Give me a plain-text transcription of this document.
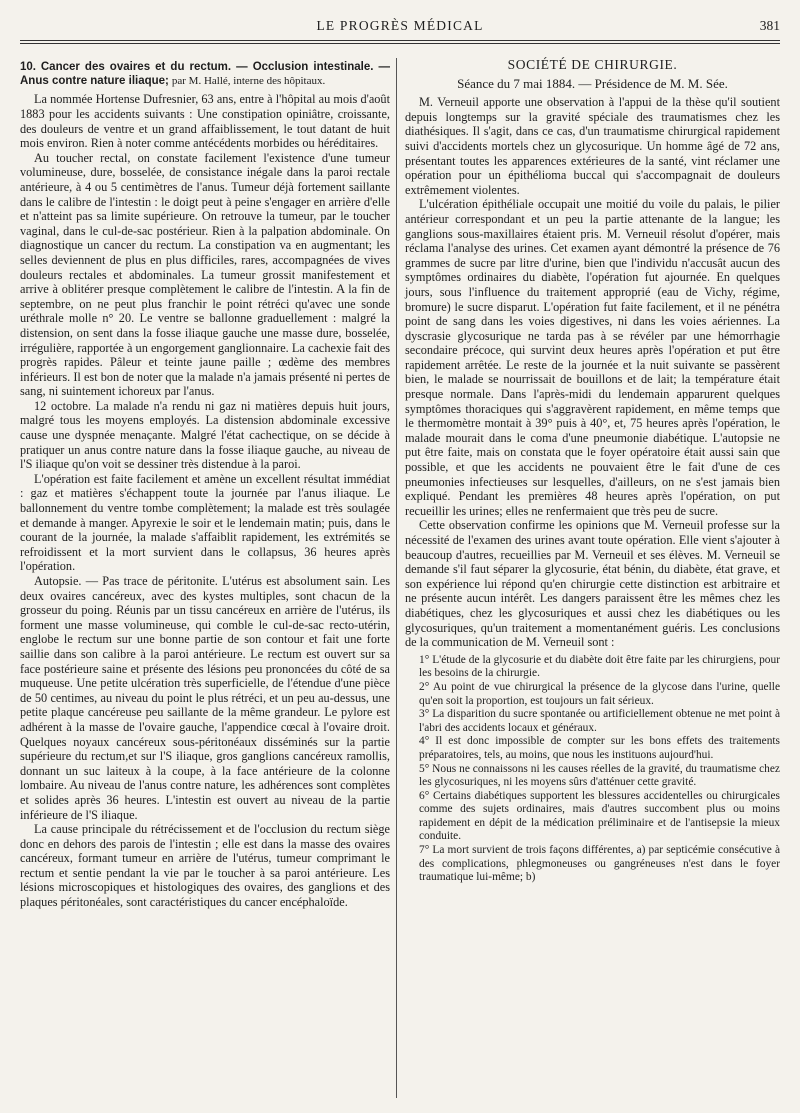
LE PROGRÈS MÉDICAL	381

10. Cancer des ovaires et du rectum. — Occlusion intestinale. — Anus contre nature iliaque; par M. Hallé, interne des hôpitaux.

La nommée Hortense Dufresnier, 63 ans, entre à l'hôpital au mois d'août 1883 pour les accidents suivants : Une constipation opiniâtre, croissante, des douleurs de ventre et un grand affaiblissement, le tout datant de huit mois environ. Rien à noter comme antécédents morbides ou héréditaires.

Au toucher rectal, on constate facilement l'existence d'une tumeur volumineuse, dure, bosselée, de consistance inégale dans la paroi rectale antérieure, à 4 ou 5 centimètres de l'anus. Tumeur déjà fortement saillante dans le calibre de l'intestin : le doigt peut à peine s'engager en arrière d'elle et n'atteint pas sa limite supérieure. On retrouve la tumeur, par le toucher vaginal, dans le cul-de-sac postérieur. Rien à la palpation abdominale. On diagnostique un cancer du rectum. La constipation va en augmentant; les selles deviennent de plus en plus difficiles, rares, accompagnées de vives douleurs rectales et abdominales. La tumeur grossit manifestement et arrive à oblitérer presque complètement le calibre de l'intestin. A la fin de septembre, on ne peut plus franchir le point rétréci qu'avec une sonde uréthrale molle n° 20. Le ventre se ballonne graduellement : malgré la distension, on sent dans la fosse iliaque gauche une masse dure, bosselée, irrégulière, rapportée à un engorgement ganglionnaire. La cachexie fait des progrès rapides. Pâleur et teinte jaune paille ; œdème des membres inférieurs. Il est bon de noter que la malade n'a jamais présenté ni pertes de sang, ni suintement ichoreux par l'anus.

12 octobre. La malade n'a rendu ni gaz ni matières depuis huit jours, malgré tous les moyens employés. La distension abdominale excessive cause une dyspnée menaçante. Malgré l'état cachectique, on se décide à pratiquer un anus contre nature dans la fosse iliaque gauche, au niveau de l'S iliaque qu'on voit se dessiner très distendue à la paroi.

L'opération est faite facilement et amène un excellent résultat immédiat : gaz et matières s'échappent toute la journée par l'anus iliaque. Le ballonnement du ventre tombe complètement; la malade est très soulagée et demande à manger. Apyrexie le soir et le lendemain matin; puis, dans le courant de la journée, la malade s'affaiblit rapidement, les extrémités se refroidissent et la mort survient dans le collapsus, 36 heures après l'opération.

Autopsie. — Pas trace de péritonite. L'utérus est absolument sain. Les deux ovaires cancéreux, avec des kystes multiples, sont chacun de la grosseur du poing. Réunis par un tissu cancéreux en arrière de l'utérus, ils forment une masse volumineuse, qui comble le cul-de-sac recto-utérin, englobe le rectum sur une bonne partie de son contour et fait une forte saillie dans son calibre à la paroi antérieure. Le rectum est ouvert sur sa face postérieure saine et présente des lésions peu prononcées du côté de sa muqueuse. Une petite ulcération très superficielle, de l'étendue d'une pièce de 50 centimes, au niveau du point le plus rétréci, et un peu au-dessus, une petite plaque cancéreuse peu saillante de la même grandeur. Le pylore est adhérent à la masse de l'ovaire gauche, l'appendice cœcal à l'ovaire droit. Quelques noyaux cancéreux sous-péritonéaux disséminés sur la partie supérieure du rectum,et sur l'S iliaque, gros ganglions cancéreux ramollis, donnant un suc laiteux à la coupe, à la face antérieure de la colonne lombaire. Au niveau de l'anus contre nature, les adhérences sont complètes et solides après 36 heures. L'intestin est ouvert au niveau de la partie inférieure de l'S iliaque.

La cause principale du rétrécissement et de l'occlusion du rectum siège donc en dehors des parois de l'intestin ; elle est dans la masse des ovaires cancéreux, formant tumeur en arrière de l'utérus, tumeur comprimant le rectum et sentie pendant la vie par le toucher à sa paroi antérieure. Les lésions microscopiques et histologiques des ovaires, des ganglions et des plaques péritonéales, sont caractéristiques du cancer encéphaloïde.

SOCIÉTÉ DE CHIRURGIE.

Séance du 7 mai 1884. — Présidence de M. M. Sée.

M. Verneuil apporte une observation à l'appui de la thèse qu'il soutient depuis longtemps sur la gravité spéciale des traumatismes chez les diathésiques. Il s'agit, dans ce cas, d'un traumatisme chirurgical rapidement suivi d'accidents mortels chez un glycosurique. Un homme âgé de 72 ans, présentant toutes les apparences extérieures de la santé, vint réclamer une opération pour un épithélioma buccal qui s'accompagnait de douleurs extrêmement violentes.

L'ulcération épithéliale occupait une moitié du voile du palais, le pilier antérieur correspondant et un peu la partie attenante de la langue; les ganglions sous-maxillaires étaient pris. M. Verneuil résolut d'opérer, mais réclama l'analyse des urines. Cet examen ayant démontré la présence de 76 grammes de sucre par litre d'urine, bien que l'individu n'accusât aucun des symptômes ordinaires du diabète, l'opération fut ajournée. En quelques jours, sous l'influence du traitement approprié (eau de Vichy, régime, bromure) le sucre disparut. L'opération fut faite facilement, et il ne pénétra point de sang dans les voies digestives, ni dans les voies aériennes. La dyscrasie glycosurique ne tarda pas à se révéler par une hémorrhagie secondaire précoce, qui survint deux heures après l'opération et put être rapidement arrêtée. Le reste de la journée et la nuit suivante se passèrent bien, le malade se nourrissait de bouillons et de lait; la température était presque normale. Dans l'après-midi du lendemain apparurent quelques symptômes thoraciques qui s'aggravèrent rapidement, en même temps que le thermomètre montait à 39° puis à 40°, et, 75 heures après l'opération, le malade mourait dans le coma d'une pneumonie diabétique. L'autopsie ne put être faite, mais on constata que le foyer opératoire était aussi sain que possible, et que les accidents ne pouvaient être le fait d'une de ces pneumonies infectieuses sur lesquelles, d'ailleurs, on ne s'est jamais bien expliqué. Pendant les premières 48 heures après l'opération, on put recueillir les urines; elles ne renfermaient que très peu de sucre.

Cette observation confirme les opinions que M. Verneuil professe sur la nécessité de l'examen des urines avant toute opération. Elle vient s'ajouter à beaucoup d'autres, recueillies par M. Verneuil et ses élèves. M. Verneuil se demande s'il faut séparer la glycosurie, état bénin, du diabète, état grave, et son expérience lui répond qu'en chirurgie cette distinction est arbitraire et ne présente aucun intérêt. Les dangers paraissent être les mêmes chez les diabétiques, chez les glycosuriques et aussi chez les diabétiques ou les glycosuriques, qu'un traitement a momentanément guéris. Les conclusions de la communication de M. Verneuil sont :

1° L'étude de la glycosurie et du diabète doit être faite par les chirurgiens, pour les besoins de la chirurgie.

2° Au point de vue chirurgical la présence de la glycose dans l'urine, quelle qu'en soit la proportion, est toujours un fait sérieux.

3° La disparition du sucre spontanée ou artificiellement obtenue ne met point à l'abri des accidents locaux et généraux.

4° Il est donc impossible de compter sur les bons effets des traitements préparatoires, tels, au moins, que nous les instituons aujourd'hui.

5° Nous ne connaissons ni les causes réelles de la gravité, du traumatisme chez les glycosuriques, ni les moyens sûrs d'atténuer cette gravité.

6° Certains diabétiques supportent les blessures accidentelles ou chirurgicales comme des sujets ordinaires, mais d'autres succombent plus ou moins rapidement en dépit de la médication préliminaire et de l'antisepsie la mieux conduite.

7° La mort survient de trois façons différentes, a) par septicémie consécutive à des complications, phlegmoneuses ou gangréneuses n'est dans le foyer traumatique lui-même; b)
